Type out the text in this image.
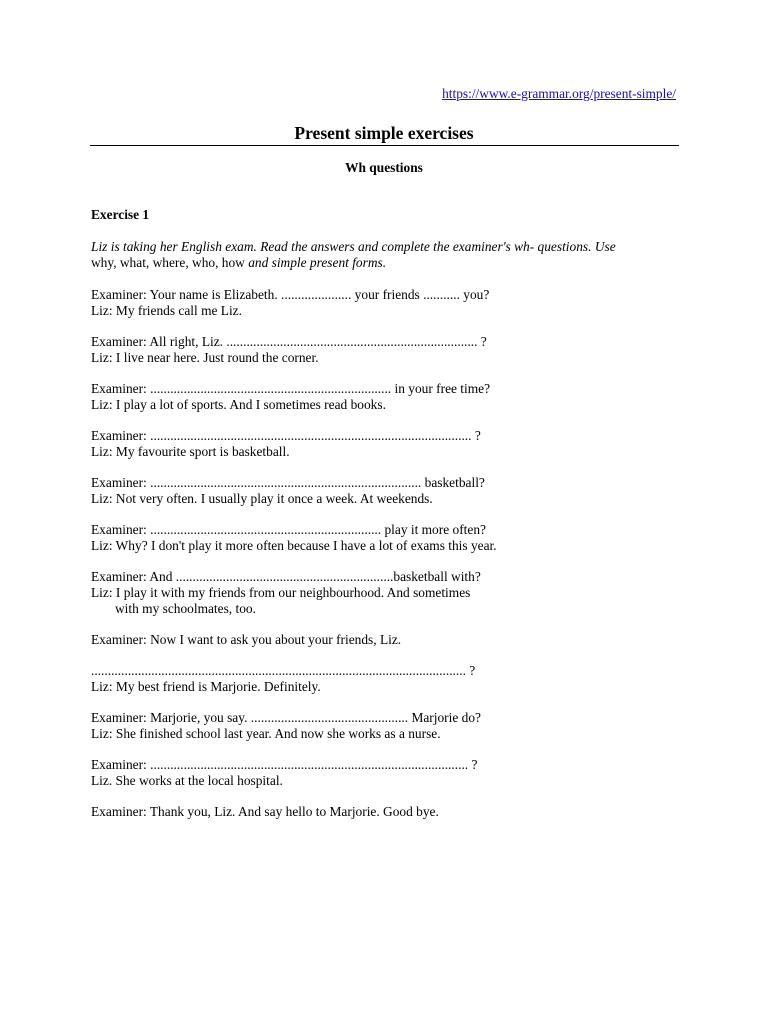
https://www.e-grammar.org/present-simple/
Present simple exercises
Wh questions
Exercise 1
Liz is taking her English exam. Read the answers and complete the examiner's wh- questions. Use
why, what, where, who, how and simple present forms.
Examiner: Your name is Elizabeth. ..................... your friends ........... you?
Liz: My friends call me Liz.
Examiner: All right, Liz. ........................................................................... ?
Liz: I live near here. Just round the corner.
Examiner: ........................................................................ in your free time?
Liz: I play a lot of sports. And I sometimes read books.
Examiner: ................................................................................................ ?
Liz: My favourite sport is basketball.
Examiner: ................................................................................. basketball?
Liz: Not very often. I usually play it once a week. At weekends.
Examiner: ..................................................................... play it more often?
Liz: Why? I don't play it more often because I have a lot of exams this year.
Examiner: And .................................................................basketball with?
Liz: I play it with my friends from our neighbourhood. And sometimes
with my schoolmates, too.
Examiner: Now I want to ask you about your friends, Liz.
................................................................................................................ ?
Liz: My best friend is Marjorie. Definitely.
Examiner: Marjorie, you say. ............................................... Marjorie do?
Liz: She finished school last year. And now she works as a nurse.
Examiner: ............................................................................................... ?
Liz. She works at the local hospital.
Examiner: Thank you, Liz. And say hello to Marjorie. Good bye.
